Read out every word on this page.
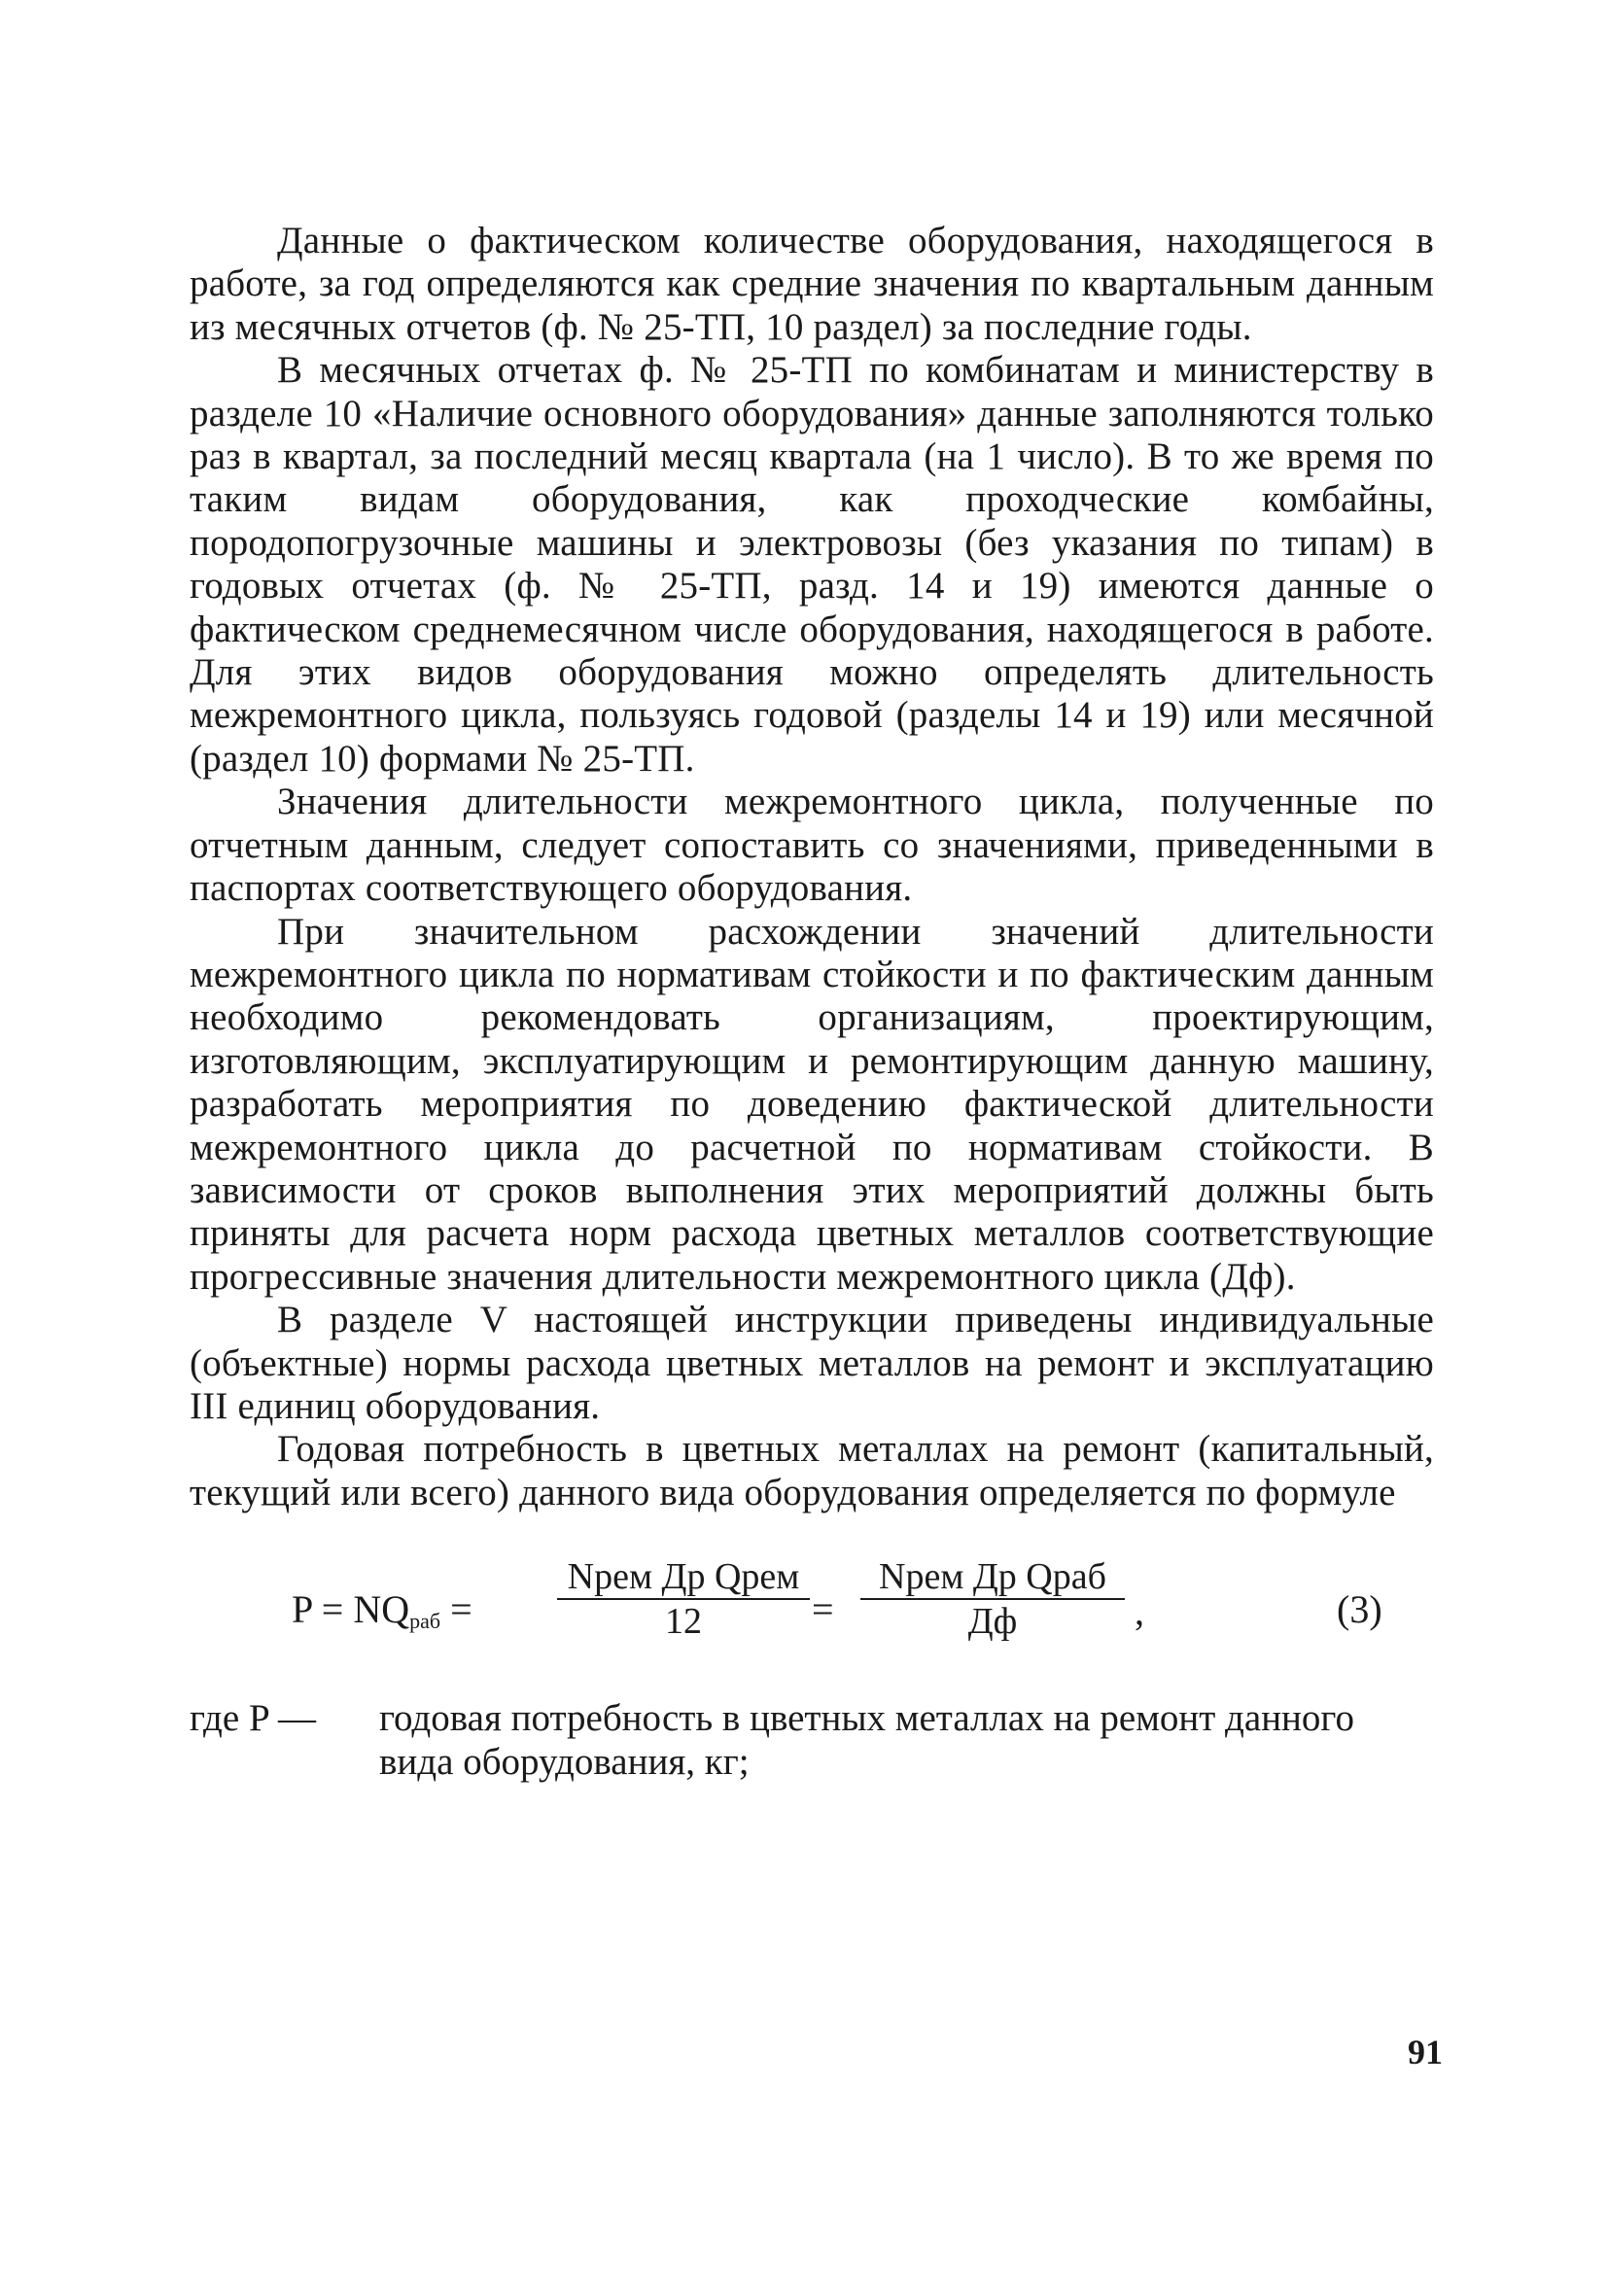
Данные о фактическом количестве оборудования, находящегося в работе, за год определяются как средние значения по квартальным данным из месячных отчетов (ф. № 25-ТП, 10 раздел) за последние годы.

В месячных отчетах ф. № 25-ТП по комбинатам и министерству в разделе 10 «Наличие основного оборудования» данные заполняются только раз в квартал, за последний месяц квартала (на 1 число). В то же время по таким видам оборудования, как проходческие комбайны, породопогрузочные машины и электровозы (без указания по типам) в годовых отчетах (ф. № 25-ТП, разд. 14 и 19) имеются данные о фактическом среднемесячном числе оборудования, находящегося в работе. Для этих видов оборудования можно определять длительность межремонтного цикла, пользуясь годовой (разделы 14 и 19) или месячной (раздел 10) формами № 25-ТП.

Значения длительности межремонтного цикла, полученные по отчетным данным, следует сопоставить со значениями, приведенными в паспортах соответствующего оборудования.

При значительном расхождении значений длительности межремонтного цикла по нормативам стойкости и по фактическим данным необходимо рекомендовать организациям, проектирующим, изготовляющим, эксплуатирующим и ремонтирующим данную машину, разработать мероприятия по доведению фактической длительности межремонтного цикла до расчетной по нормативам стойкости. В зависимости от сроков выполнения этих мероприятий должны быть приняты для расчета норм расхода цветных металлов соответствующие прогрессивные значения длительности межремонтного цикла (Дф).

В разделе V настоящей инструкции приведены индивидуальные (объектные) нормы расхода цветных металлов на ремонт и эксплуатацию III единиц оборудования.

Годовая потребность в цветных металлах на ремонт (капитальный, текущий или всего) данного вида оборудования определяется по формуле

$P = NQ_{раб}$ =
Nрем Др Qрем
12	=
Nрем Др Qраб
Дф	,	(3)
где P —	годовая потребность в цветных металлах на ремонт данного вида оборудования, кг;
91
